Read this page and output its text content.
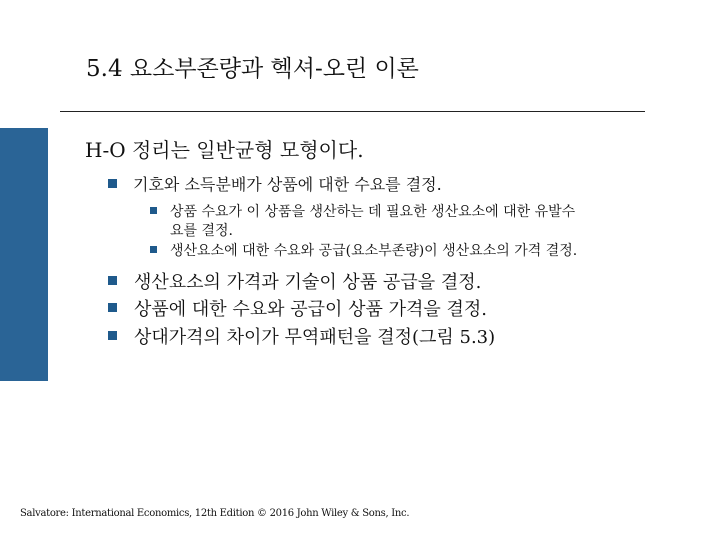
5.4 요소부존량과 헥셔-오린 이론
H-O 정리는 일반균형 모형이다.
기호와 소득분배가 상품에 대한 수요를 결정.
상품 수요가 이 상품을 생산하는 데 필요한 생산요소에 대한 유발수
요를 결정.
생산요소에 대한 수요와 공급(요소부존량)이 생산요소의 가격 결정.
생산요소의 가격과 기술이 상품 공급을 결정.
상품에 대한 수요와 공급이 상품 가격을 결정.
상대가격의 차이가 무역패턴을 결정(그림 5.3)

Salvatore: International Economics, 12th Edition © 2016 John Wiley & Sons, Inc.
